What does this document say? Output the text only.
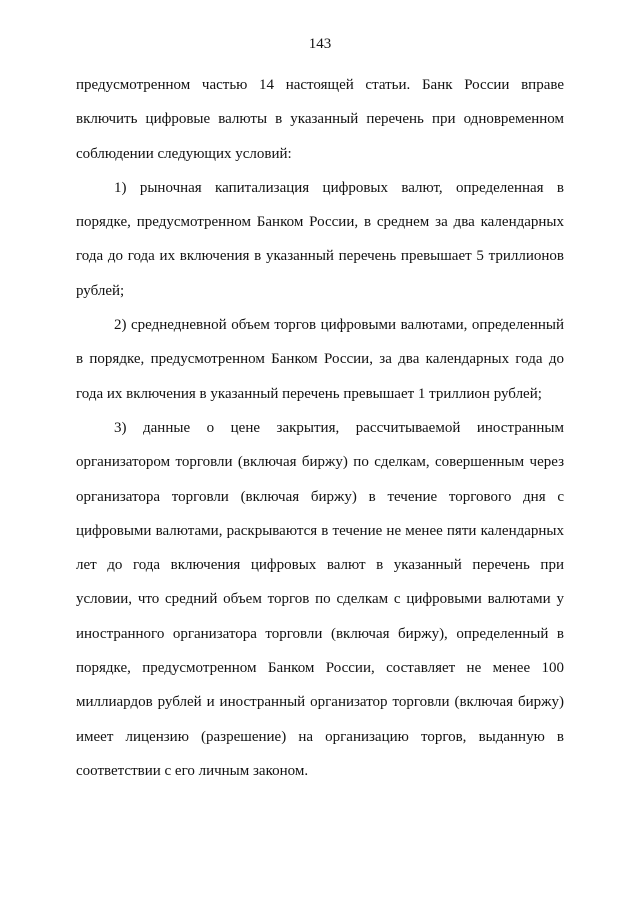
143
предусмотренном частью 14 настоящей статьи. Банк России вправе
включить цифровые валюты в указанный перечень при одновременном
соблюдении следующих условий:
1) рыночная капитализация цифровых валют, определенная в
порядке, предусмотренном Банком России, в среднем за два календарных
года до года их включения в указанный перечень превышает 5 триллионов
рублей;
2) среднедневной объем торгов цифровыми валютами, определенный
в порядке, предусмотренном Банком России, за два календарных года до
года их включения в указанный перечень превышает 1 триллион рублей;
3) данные о цене закрытия, рассчитываемой иностранным
организатором торговли (включая биржу) по сделкам, совершенным через
организатора торговли (включая биржу) в течение торгового дня с
цифровыми валютами, раскрываются в течение не менее пяти календарных
лет до года включения цифровых валют в указанный перечень при
условии, что средний объем торгов по сделкам с цифровыми валютами у
иностранного организатора торговли (включая биржу), определенный в
порядке, предусмотренном Банком России, составляет не менее 100
миллиардов рублей и иностранный организатор торговли (включая биржу)
имеет лицензию (разрешение) на организацию торгов, выданную в
соответствии с его личным законом.
